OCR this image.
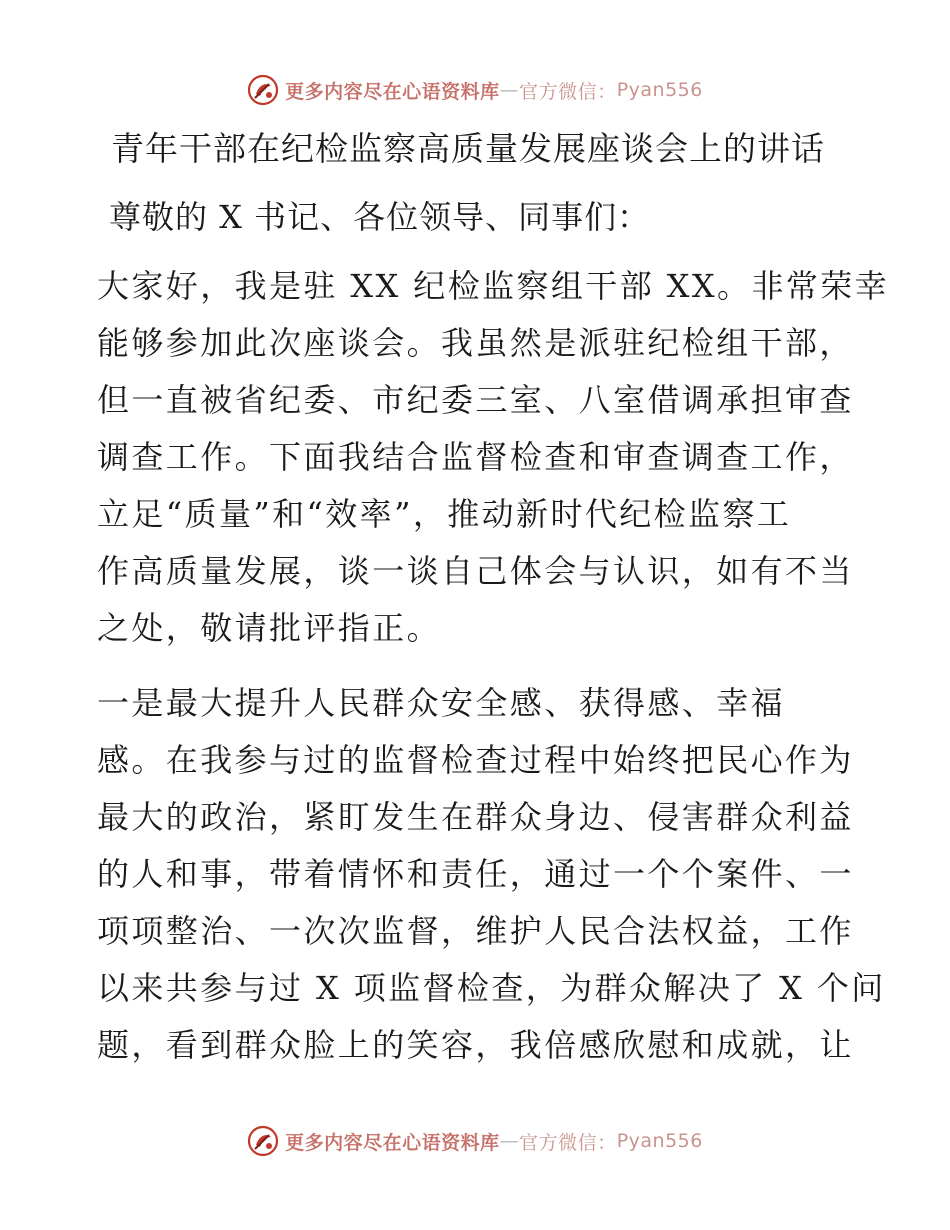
更多内容尽在心语资料库 — 官方微信： Pyan556
青年干部在纪检监察高质量发展座谈会上的讲话
尊敬的 X 书记、各位领导、同事们：

大家好，我是驻 XX 纪检监察组干部 XX。非常荣幸
能够参加此次座谈会。我虽然是派驻纪检组干部，
但一直被省纪委、市纪委三室、八室借调承担审查
调查工作。下面我结合监督检查和审查调查工作，
立足“质量”和“效率”，推动新时代纪检监察工
作高质量发展，谈一谈自己体会与认识，如有不当
之处，敬请批评指正。

一是最大提升人民群众安全感、获得感、幸福
感。在我参与过的监督检查过程中始终把民心作为
最大的政治，紧盯发生在群众身边、侵害群众利益
的人和事，带着情怀和责任，通过一个个案件、一
项项整治、一次次监督，维护人民合法权益，工作
以来共参与过 X 项监督检查，为群众解决了 X 个问
题，看到群众脸上的笑容，我倍感欣慰和成就，让

更多内容尽在心语资料库 — 官方微信： Pyan556
